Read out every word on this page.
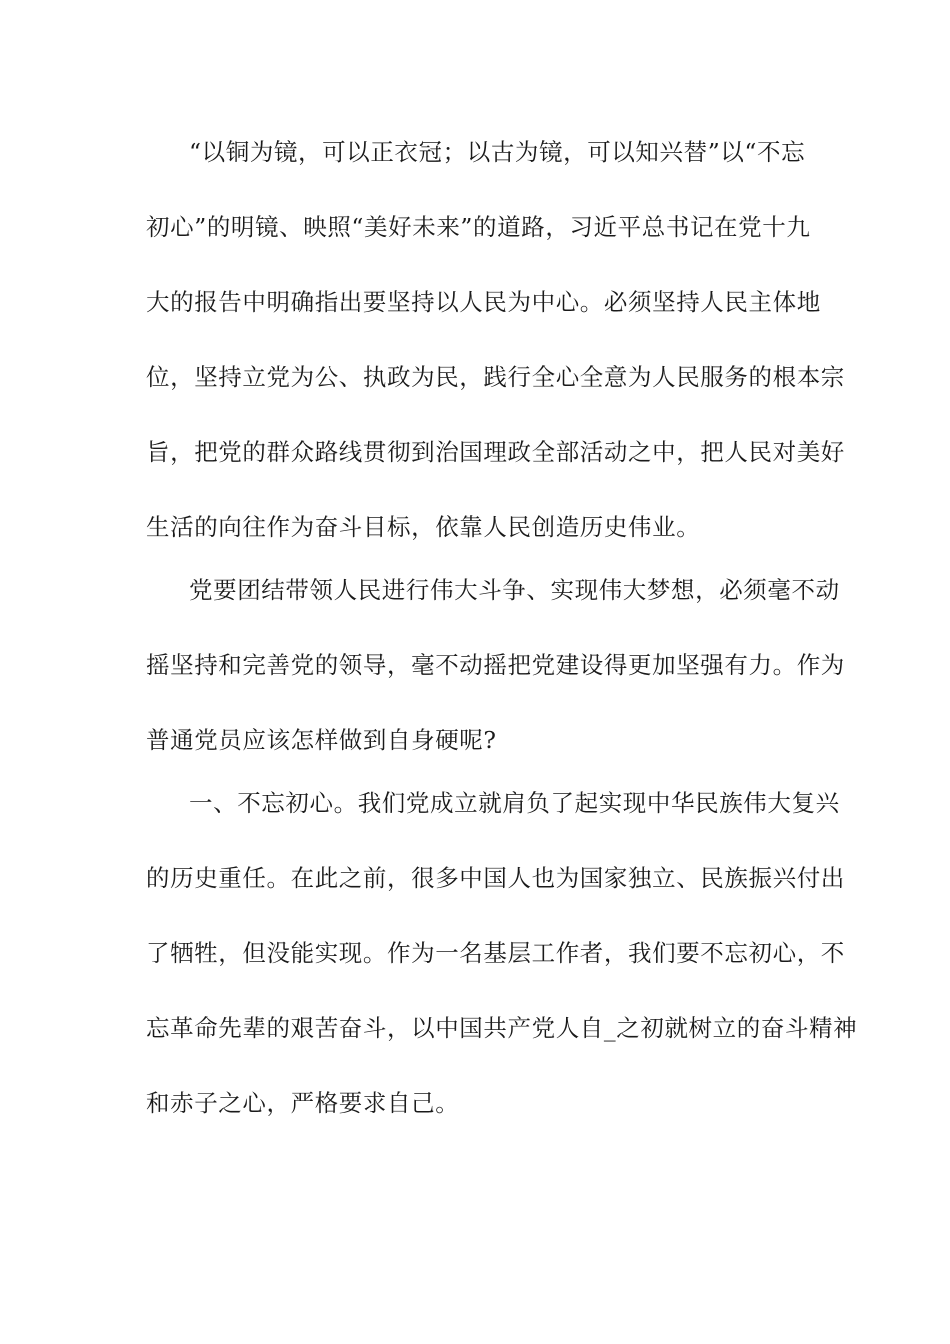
“以铜为镜，可以正衣冠；以古为镜，可以知兴替”以“不忘
初心”的明镜、映照“美好未来”的道路，习近平总书记在党十九
大的报告中明确指出要坚持以人民为中心。必须坚持人民主体地
位，坚持立党为公、执政为民，践行全心全意为人民服务的根本宗
旨，把党的群众路线贯彻到治国理政全部活动之中，把人民对美好
生活的向往作为奋斗目标，依靠人民创造历史伟业。
党要团结带领人民进行伟大斗争、实现伟大梦想，必须毫不动
摇坚持和完善党的领导，毫不动摇把党建设得更加坚强有力。作为
普通党员应该怎样做到自身硬呢?
一、不忘初心。我们党成立就肩负了起实现中华民族伟大复兴
的历史重任。在此之前，很多中国人也为国家独立、民族振兴付出
了牺牲，但没能实现。作为一名基层工作者，我们要不忘初心，不
忘革命先辈的艰苦奋斗，以中国共产党人自_之初就树立的奋斗精神
和赤子之心，严格要求自己。
